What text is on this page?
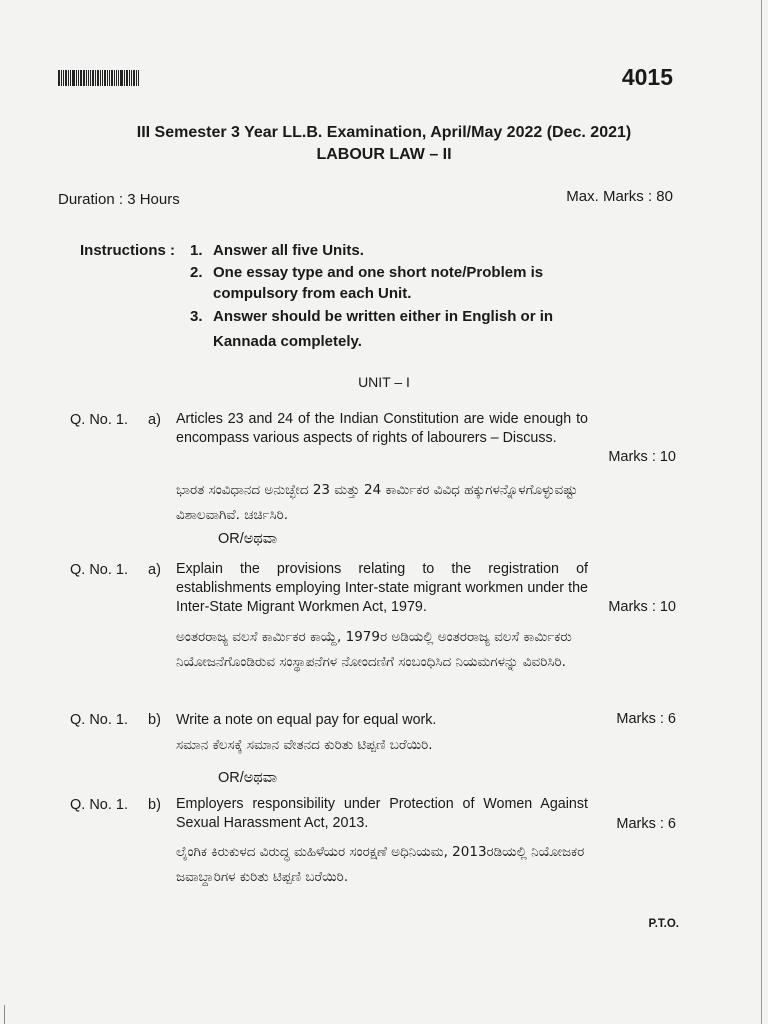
4015
III Semester 3 Year LL.B. Examination, April/May 2022 (Dec. 2021)
LABOUR LAW – II
Duration : 3 Hours	Max. Marks : 80
Instructions : 1. Answer all five Units.
2. One essay type and one short note/Problem is
compulsory from each Unit.
3. Answer should be written either in English or in
Kannada completely.
UNIT – I
Q. No. 1. a) Articles 23 and 24 of the Indian Constitution are wide enough to encompass various aspects of rights of labourers – Discuss.
Marks : 10
ಭಾರತ ಸಂವಿಧಾನದ ಅನುಚ್ಛೇದ 23 ಮತ್ತು 24 ಕಾರ್ಮಿಕರ ವಿವಿಧ ಹಕ್ಕುಗಳನ್ನೊಳಗೊಳ್ಳುವಷ್ಟು ವಿಶಾಲವಾಗಿವೆ. ಚರ್ಚಿಸಿರಿ.
OR/ಅಥವಾ
Q. No. 1. a) Explain the provisions relating to the registration of establishments employing Inter-state migrant workmen under the Inter-State Migrant Workmen Act, 1979.	Marks : 10
ಅಂತರರಾಜ್ಯ ವಲಸೆ ಕಾರ್ಮಿಕರ ಕಾಯ್ದೆ, 1979ರ ಅಡಿಯಲ್ಲಿ ಅಂತರರಾಜ್ಯ ವಲಸೆ ಕಾರ್ಮಿಕರು ನಿಯೋಜನೆಗೊಂಡಿರುವ ಸಂಸ್ಥಾಪನೆಗಳ ನೋಂದಣಿಗೆ ಸಂಬಂಧಿಸಿದ ನಿಯಮಗಳನ್ನು ವಿವರಿಸಿರಿ.
Q. No. 1. b) Write a note on equal pay for equal work.	Marks : 6
ಸಮಾನ ಕೆಲಸಕ್ಕೆ ಸಮಾನ ವೇತನದ ಕುರಿತು ಟಿಪ್ಪಣಿ ಬರೆಯಿರಿ.
OR/ಅಥವಾ
Q. No. 1. b) Employers responsibility under Protection of Women Against Sexual Harassment Act, 2013.	Marks : 6
ಲೈಂಗಿಕ ಕಿರುಕುಳದ ವಿರುದ್ಧ ಮಹಿಳೆಯರ ಸಂರಕ್ಷಣೆ ಅಧಿನಿಯಮ, 2013ರಡಿಯಲ್ಲಿ ನಿಯೋಜಕರ ಜವಾಬ್ದಾರಿಗಳ ಕುರಿತು ಟಿಪ್ಪಣಿ ಬರೆಯಿರಿ.
P.T.O.
